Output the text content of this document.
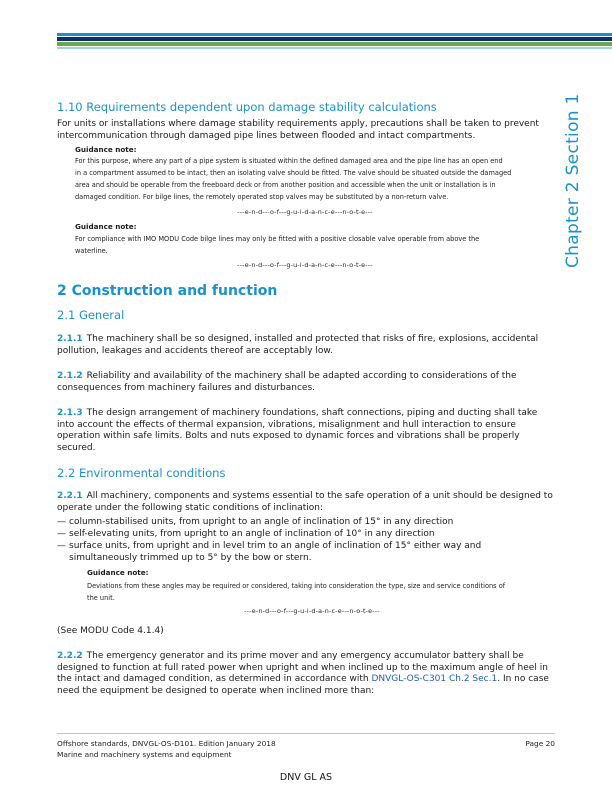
Chapter 2 Section 1
1.10 Requirements dependent upon damage stability calculations
For units or installations where damage stability requirements apply, precautions shall be taken to prevent intercommunication through damaged pipe lines between flooded and intact compartments.
Guidance note:
For this purpose, where any part of a pipe system is situated within the defined damaged area and the pipe line has an open end
in a compartment assumed to be intact, then an isolating valve should be fitted. The valve should be situated outside the damaged
area and should be operable from the freeboard deck or from another position and accessible when the unit or installation is in
damaged condition. For bilge lines, the remotely operated stop valves may be substituted by a non-return valve.
---e-n-d---o-f---g-u-i-d-a-n-c-e---n-o-t-e---
Guidance note:
For compliance with IMO MODU Code bilge lines may only be fitted with a positive closable valve operable from above the
waterline.
---e-n-d---o-f---g-u-i-d-a-n-c-e---n-o-t-e---
2 Construction and function
2.1 General
2.1.1 The machinery shall be so designed, installed and protected that risks of fire, explosions, accidental pollution, leakages and accidents thereof are acceptably low.
2.1.2 Reliability and availability of the machinery shall be adapted according to considerations of the consequences from machinery failures and disturbances.
2.1.3 The design arrangement of machinery foundations, shaft connections, piping and ducting shall take into account the effects of thermal expansion, vibrations, misalignment and hull interaction to ensure operation within safe limits. Bolts and nuts exposed to dynamic forces and vibrations shall be properly secured.
2.2 Environmental conditions
2.2.1 All machinery, components and systems essential to the safe operation of a unit should be designed to operate under the following static conditions of inclination:
— column-stabilised units, from upright to an angle of inclination of 15° in any direction
— self-elevating units, from upright to an angle of inclination of 10° in any direction
— surface units, from upright and in level trim to an angle of inclination of 15° either way and
simultaneously trimmed up to 5° by the bow or stern.
Guidance note:
Deviations from these angles may be required or considered, taking into consideration the type, size and service conditions of
the unit.
---e-n-d---o-f---g-u-i-d-a-n-c-e---n-o-t-e---
(See MODU Code 4.1.4)
2.2.2 The emergency generator and its prime mover and any emergency accumulator battery shall be designed to function at full rated power when upright and when inclined up to the maximum angle of heel in the intact and damaged condition, as determined in accordance with DNVGL-OS-C301 Ch.2 Sec.1. In no case need the equipment be designed to operate when inclined more than:
Offshore standards, DNVGL-OS-D101. Edition January 2018
Marine and machinery systems and equipment
Page 20
DNV GL AS
